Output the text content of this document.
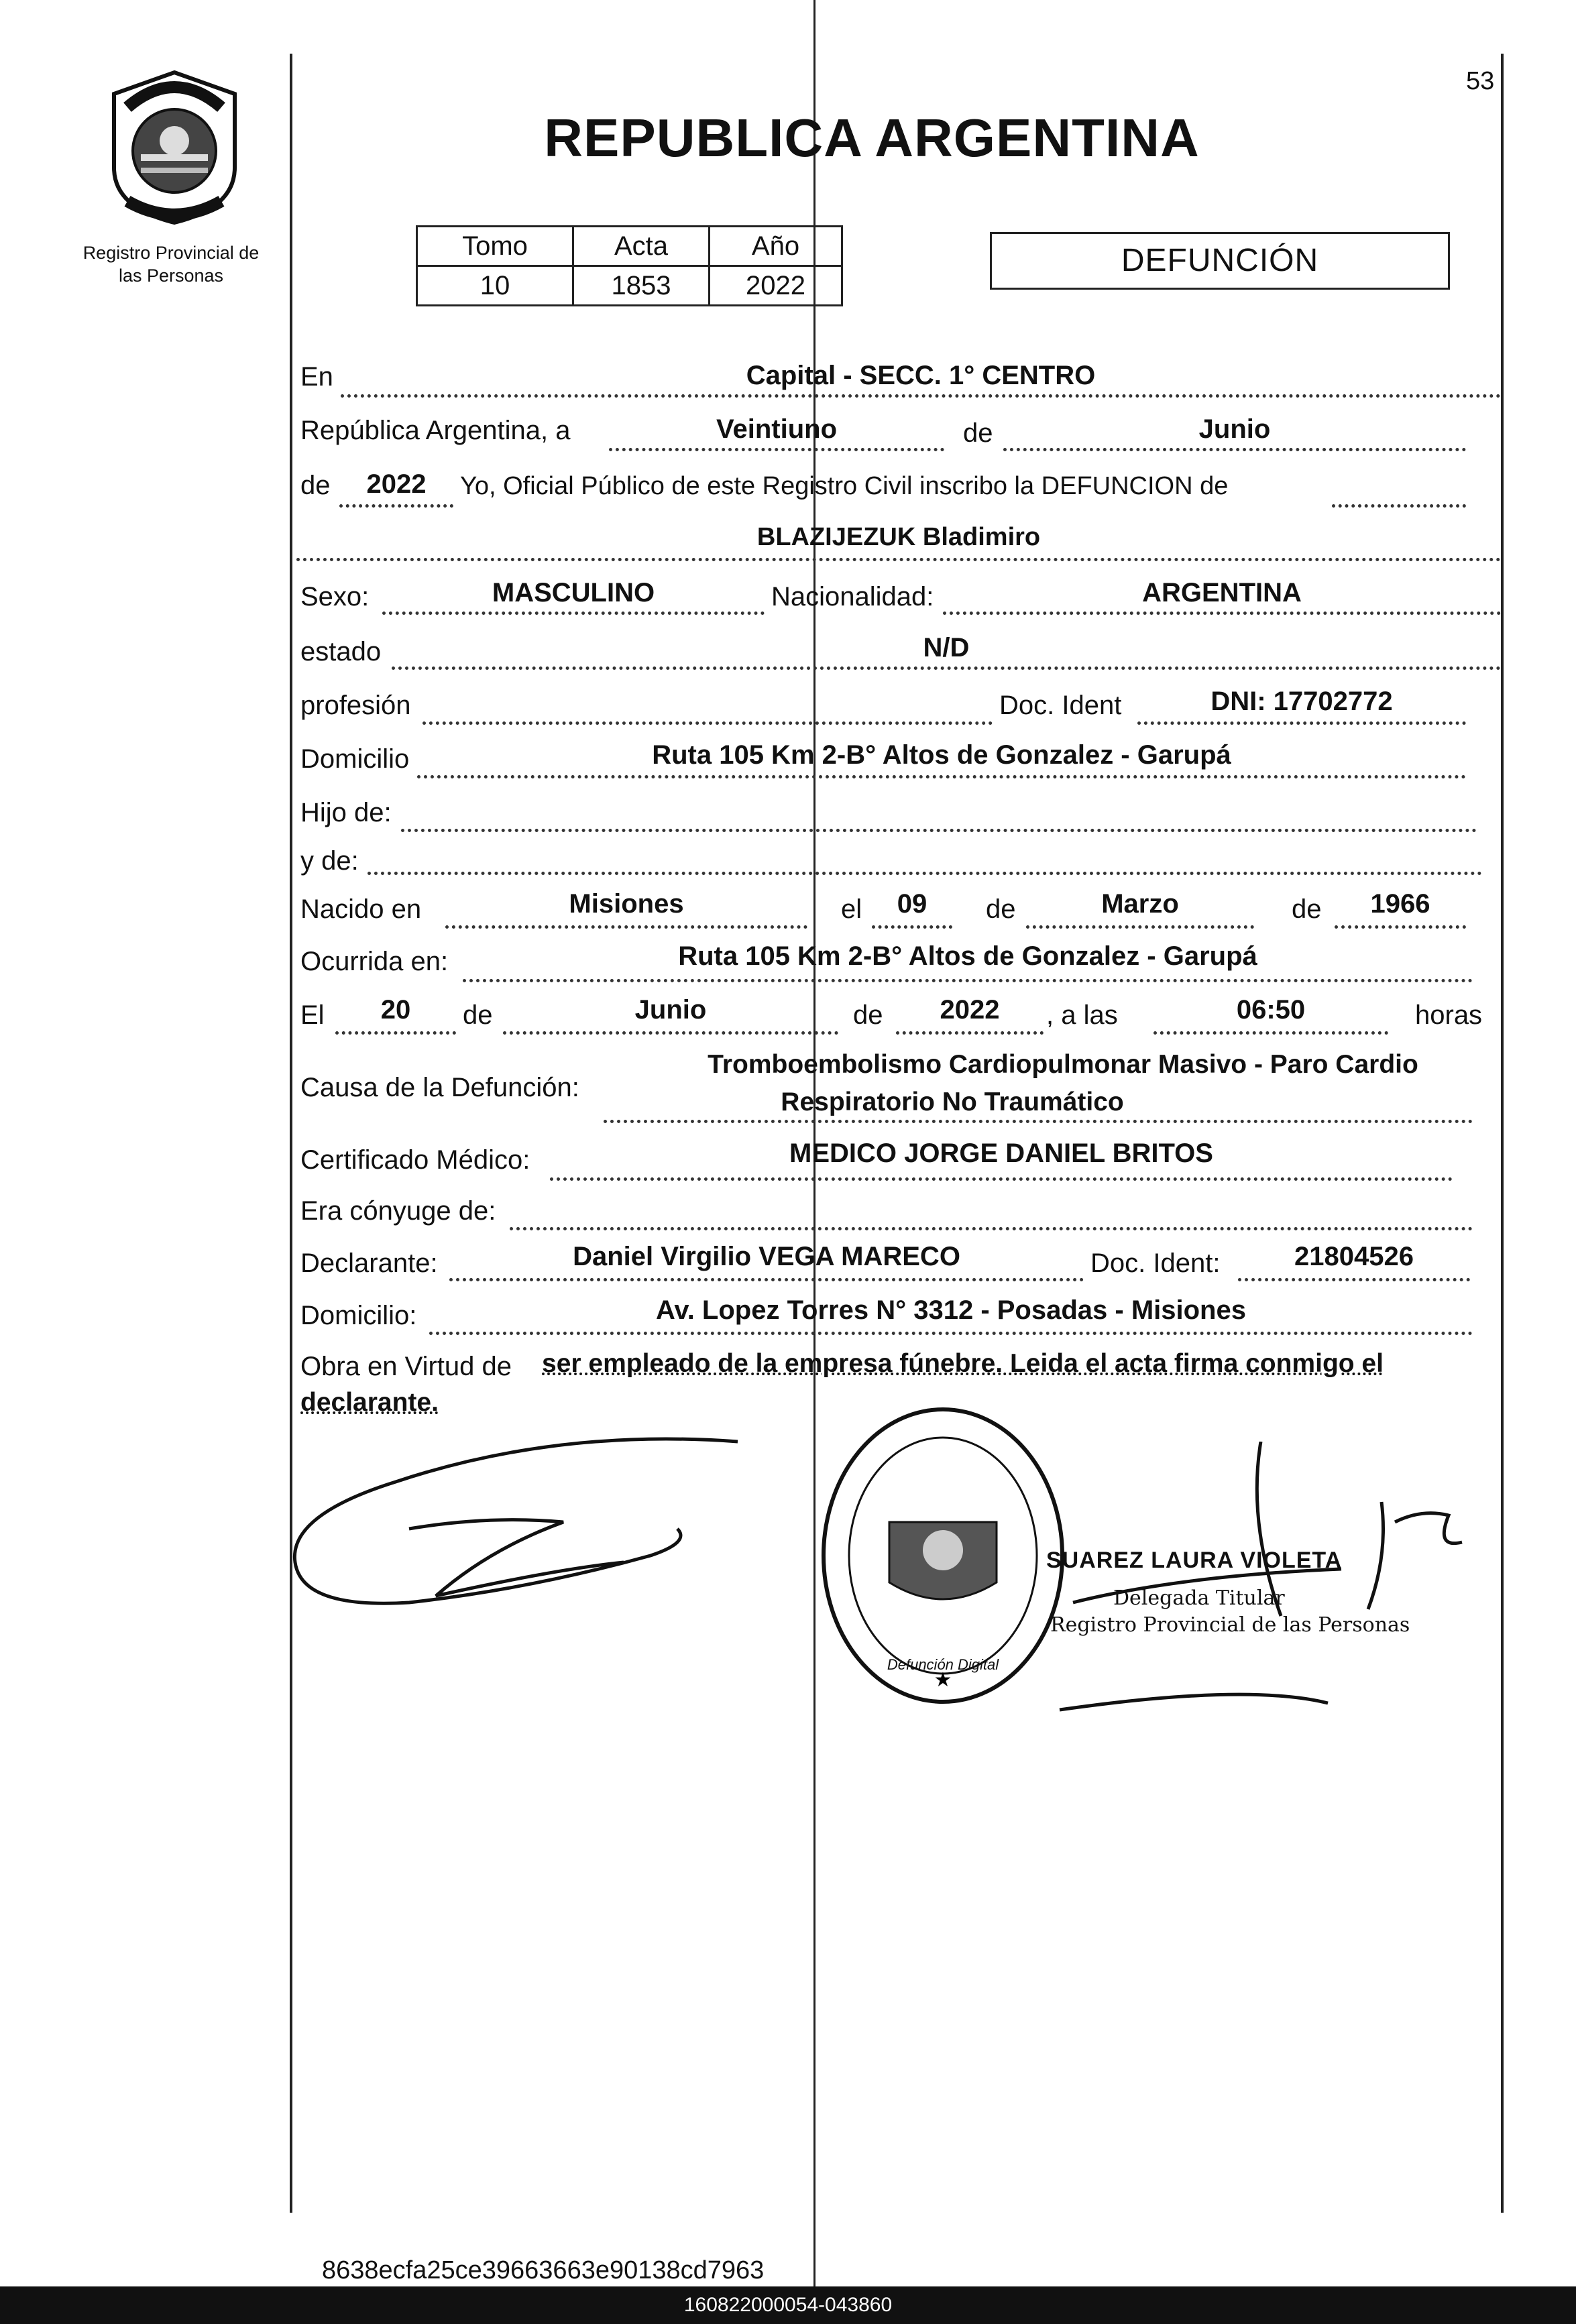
Registro Provincial de
las Personas
53
REPUBLICA ARGENTINA
Tomo	Acta	Año
10	1853	2022
DEFUNCIÓN
En	Capital - SECC. 1° CENTRO
República Argentina, a	Veintiuno	de	Junio
de	2022	Yo, Oficial Público de este Registro Civil inscribo la DEFUNCION de
BLAZIJEZUK Bladimiro
Sexo:	MASCULINO	Nacionalidad:	ARGENTINA
estado	N/D
profesión	Doc. Ident	DNI: 17702772
Domicilio	Ruta 105 Km 2-B° Altos de Gonzalez - Garupá
Hijo de:
y de:
Nacido en	Misiones	el	09	de	Marzo	de	1966
Ocurrida en:	Ruta 105 Km 2-B° Altos de Gonzalez - Garupá
El	20	de	Junio	de	2022	, a las	06:50	horas
Causa de la Defunción:
Tromboembolismo Cardiopulmonar Masivo - Paro Cardio
Respiratorio No Traumático
Certificado Médico:	MEDICO JORGE DANIEL BRITOS
Era cónyuge de:
Declarante:	Daniel Virgilio VEGA MARECO	Doc. Ident:	21804526
Domicilio:	Av. Lopez Torres N° 3312 - Posadas - Misiones
Obra en Virtud de ser empleado de la empresa fúnebre. Leida el acta firma conmigo el
declarante.
★
Defunción Digital
SUAREZ LAURA VIOLETA
Delegada Titular
Registro Provincial de las Personas
8638ecfa25ce39663663e90138cd7963
160822000054-043860
